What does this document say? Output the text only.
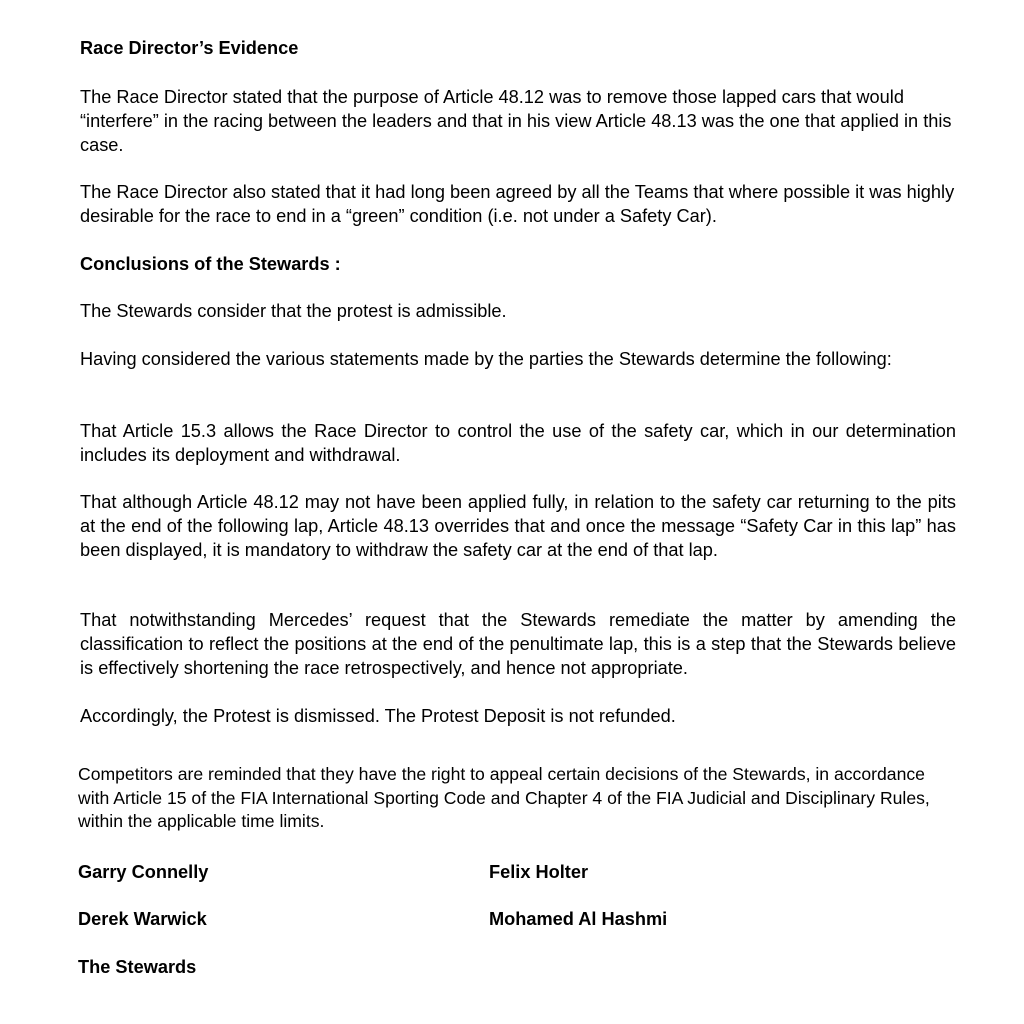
Race Director’s Evidence

The Race Director stated that the purpose of Article 48.12 was to remove those lapped cars that would “interfere” in the racing between the leaders and that in his view Article 48.13 was the one that applied in this case.

The Race Director also stated that it had long been agreed by all the Teams that where possible it was highly desirable for the race to end in a “green” condition (i.e. not under a Safety Car).

Conclusions of the Stewards :

The Stewards consider that the protest is admissible.

Having considered the various statements made by the parties the Stewards determine the following:

That Article 15.3 allows the Race Director to control the use of the safety car, which in our determination includes its deployment and withdrawal.

That although Article 48.12 may not have been applied fully, in relation to the safety car returning to the pits at the end of the following lap, Article 48.13 overrides that and once the message “Safety Car in this lap” has been displayed, it is mandatory to withdraw the safety car at the end of that lap.

That notwithstanding Mercedes’ request that the Stewards remediate the matter by amending the classification to reflect the positions at the end of the penultimate lap, this is a step that the Stewards believe is effectively shortening the race retrospectively, and hence not appropriate.

Accordingly, the Protest is dismissed. The Protest Deposit is not refunded.

Competitors are reminded that they have the right to appeal certain decisions of the Stewards, in accordance with Article 15 of the FIA International Sporting Code and Chapter 4 of the FIA Judicial and Disciplinary Rules, within the applicable time limits.

Garry Connelly	Felix Holter

Derek Warwick	Mohamed Al Hashmi

The Stewards
